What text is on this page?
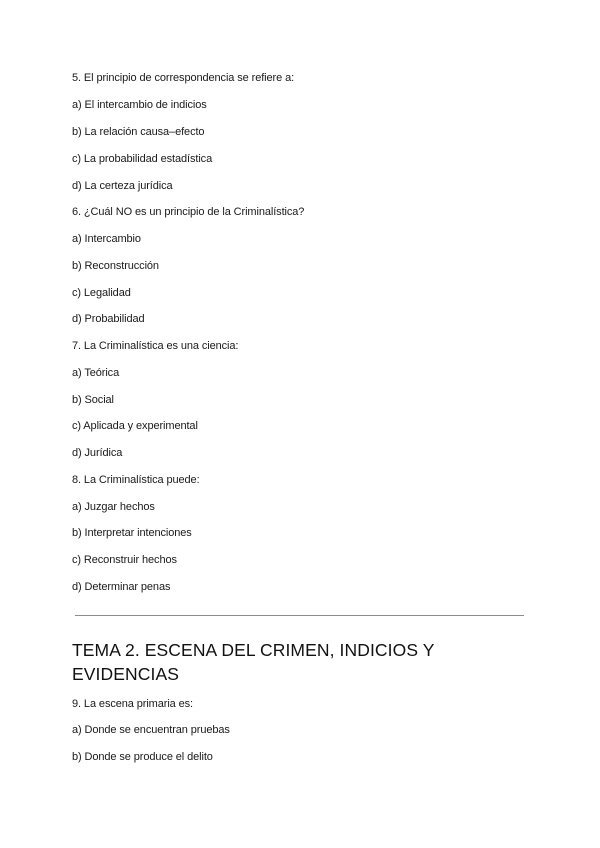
5. El principio de correspondencia se refiere a:
a) El intercambio de indicios
b) La relación causa–efecto
c) La probabilidad estadística
d) La certeza jurídica
6. ¿Cuál NO es un principio de la Criminalística?
a) Intercambio
b) Reconstrucción
c) Legalidad
d) Probabilidad
7. La Criminalística es una ciencia:
a) Teórica
b) Social
c) Aplicada y experimental
d) Jurídica
8. La Criminalística puede:
a) Juzgar hechos
b) Interpretar intenciones
c) Reconstruir hechos
d) Determinar penas
TEMA 2. ESCENA DEL CRIMEN, INDICIOS Y
EVIDENCIAS
9. La escena primaria es:
a) Donde se encuentran pruebas
b) Donde se produce el delito
